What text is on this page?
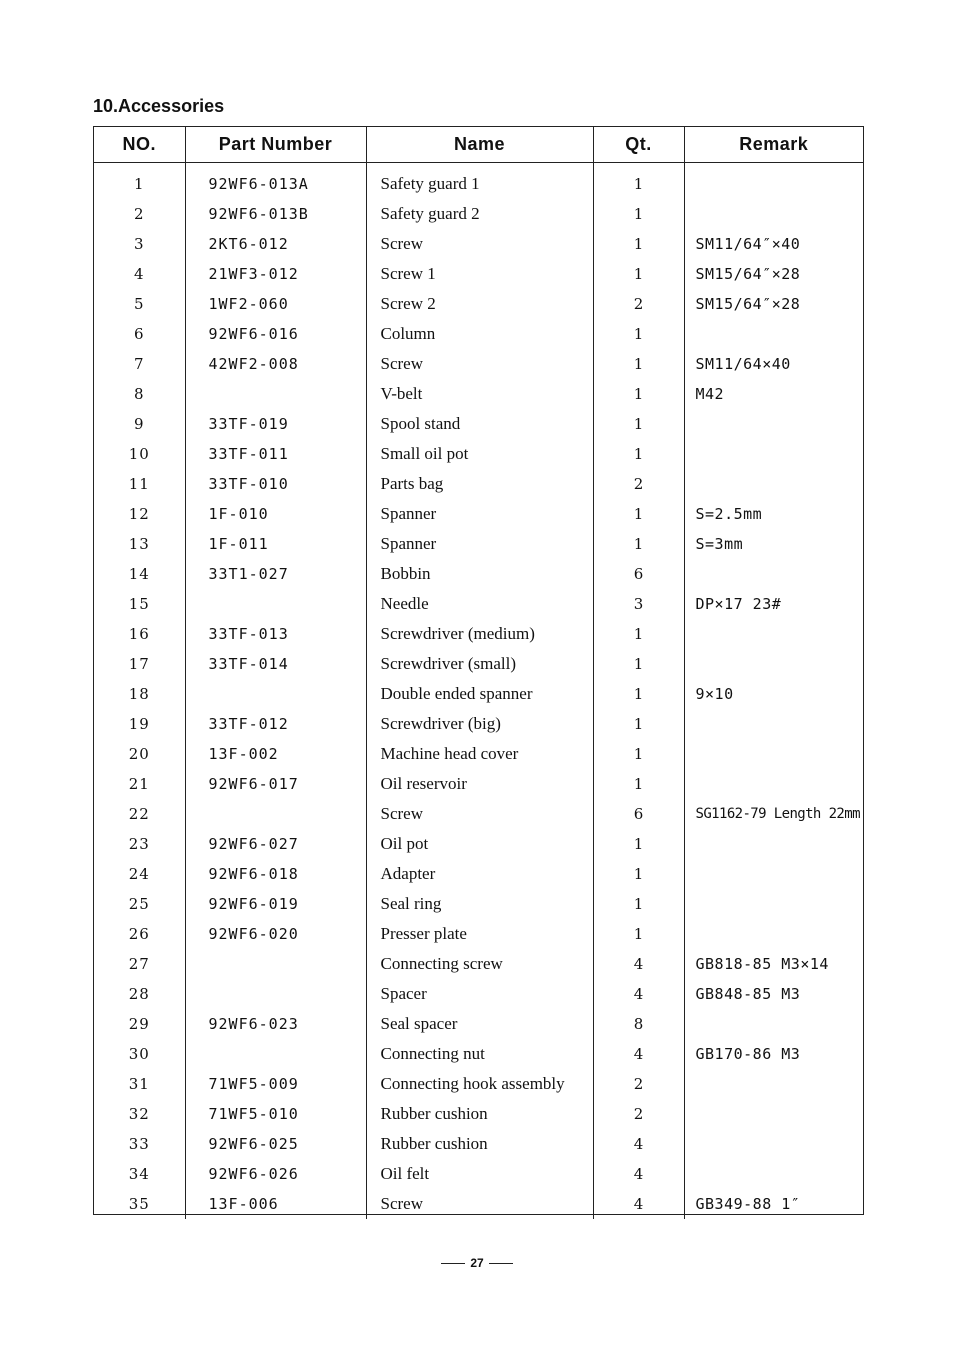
10.Accessories
NO.	Part Number	Name	Qt.	Remark

1	92WF6-013A	Safety guard 1	1	
2	92WF6-013B	Safety guard 2	1	
3	2KT6-012	Screw	1	SM11/64″×40
4	21WF3-012	Screw 1	1	SM15/64″×28
5	1WF2-060	Screw 2	2	SM15/64″×28
6	92WF6-016	Column	1	
7	42WF2-008	Screw	1	SM11/64×40
8		V-belt	1	M42
9	33TF-019	Spool stand	1	
10	33TF-011	Small oil pot	1	
11	33TF-010	Parts bag	2	
12	1F-010	Spanner	1	S=2.5mm
13	1F-011	Spanner	1	S=3mm
14	33T1-027	Bobbin	6	
15		Needle	3	DP×17 23#
16	33TF-013	Screwdriver (medium)	1	
17	33TF-014	Screwdriver (small)	1	
18		Double ended spanner	1	9×10
19	33TF-012	Screwdriver (big)	1	
20	13F-002	Machine head cover	1	
21	92WF6-017	Oil reservoir	1	
22		Screw	6	SG1162-79 Length 22mm
23	92WF6-027	Oil pot	1	
24	92WF6-018	Adapter	1	
25	92WF6-019	Seal ring	1	
26	92WF6-020	Presser plate	1	
27		Connecting screw	4	GB818-85 M3×14
28		Spacer	4	GB848-85 M3
29	92WF6-023	Seal spacer	8	
30		Connecting nut	4	GB170-86 M3
31	71WF5-009	Connecting hook assembly	2	
32	71WF5-010	Rubber cushion	2	
33	92WF6-025	Rubber cushion	4	
34	92WF6-026	Oil felt	4	
35	13F-006	Screw	4	GB349-88 1″
27
